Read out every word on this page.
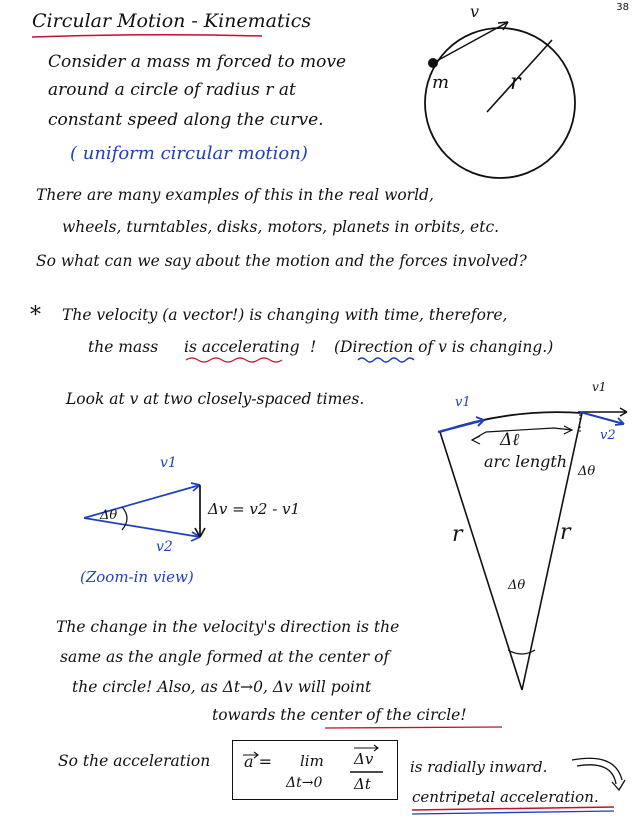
38
Circular Motion - Kinematics
Consider a mass m forced to move
around a circle of radius r at
constant speed along the curve.
( uniform circular motion)
v
m	r
There are many examples of this in the real world,
wheels, turntables, disks, motors, planets in orbits, etc.
So what can we say about the motion and the forces involved?
* The velocity (a vector!) is changing with time, therefore,
the mass is accelerating ! (Direction of v is changing.)
Look at v at two closely-spaced times.
v1
v2
Δθ	Δv = v2 - v1
(Zoom-in view)
v1
v1
v2
Δℓ
arc length
Δθ
Δθ
r	r
The change in the velocity's direction is the
same as the angle formed at the center of
the circle! Also, as Δt→0, Δv will point
towards the center of the circle!
So the acceleration a = lim
Δt→0
Δv
Δt
is radially inward.
centripetal acceleration.
